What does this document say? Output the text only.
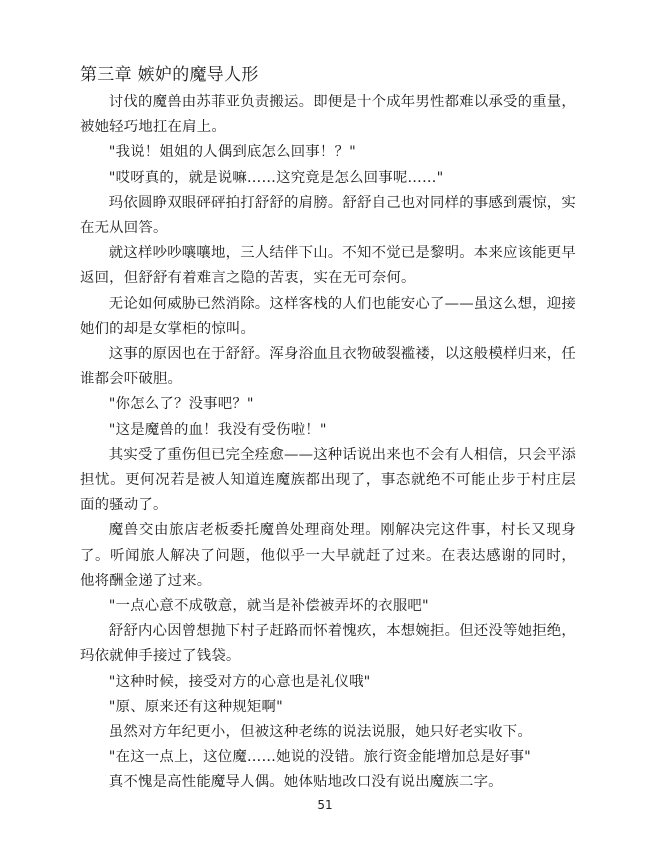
第三章 嫉妒的魔导人形

讨伐的魔兽由苏菲亚负责搬运。即便是十个成年男性都难以承受的重量，被她轻巧地扛在肩上。

"我说！姐姐的人偶到底怎么回事！？"

"哎呀真的，就是说嘛……这究竟是怎么回事呢……"

玛依圆睁双眼砰砰拍打舒舒的肩膀。舒舒自己也对同样的事感到震惊，实在无从回答。

就这样吵吵嚷嚷地，三人结伴下山。不知不觉已是黎明。本来应该能更早返回，但舒舒有着难言之隐的苦衷，实在无可奈何。

无论如何威胁已然消除。这样客栈的人们也能安心了——虽这么想，迎接她们的却是女掌柜的惊叫。

这事的原因也在于舒舒。浑身浴血且衣物破裂褴褛，以这般模样归来，任谁都会吓破胆。

"你怎么了？没事吧？"

"这是魔兽的血！我没有受伤啦！"

其实受了重伤但已完全痊愈——这种话说出来也不会有人相信，只会平添担忧。更何况若是被人知道连魔族都出现了，事态就绝不可能止步于村庄层面的骚动了。

魔兽交由旅店老板委托魔兽处理商处理。刚解决完这件事，村长又现身了。听闻旅人解决了问题，他似乎一大早就赶了过来。在表达感谢的同时，他将酬金递了过来。

"一点心意不成敬意，就当是补偿被弄坏的衣服吧"

舒舒内心因曾想抛下村子赶路而怀着愧疚，本想婉拒。但还没等她拒绝，玛依就伸手接过了钱袋。

"这种时候，接受对方的心意也是礼仪哦"

"原、原来还有这种规矩啊"

虽然对方年纪更小，但被这种老练的说法说服，她只好老实收下。

"在这一点上，这位魔……她说的没错。旅行资金能增加总是好事"

真不愧是高性能魔导人偶。她体贴地改口没有说出魔族二字。

51
